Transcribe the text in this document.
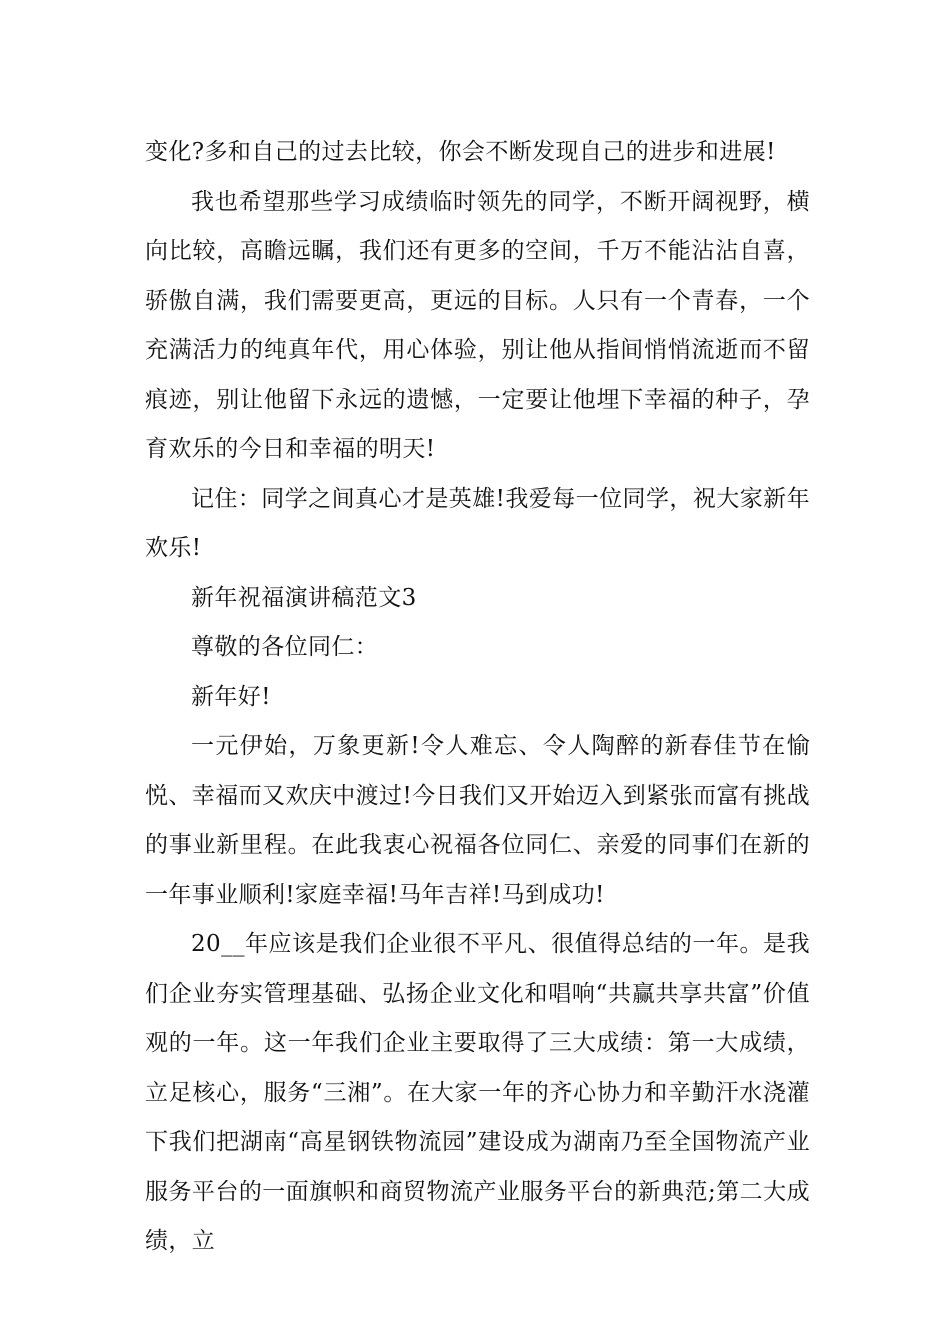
变化?多和自己的过去比较，你会不断发现自己的进步和进展!

我也希望那些学习成绩临时领先的同学，不断开阔视野，横向比较，高瞻远瞩，我们还有更多的空间，千万不能沾沾自喜，骄傲自满，我们需要更高，更远的目标。人只有一个青春，一个充满活力的纯真年代，用心体验，别让他从指间悄悄流逝而不留痕迹，别让他留下永远的遗憾，一定要让他埋下幸福的种子，孕育欢乐的今日和幸福的明天!

记住：同学之间真心才是英雄!我爱每一位同学，祝大家新年欢乐!

新年祝福演讲稿范文3

尊敬的各位同仁：

新年好!

一元伊始，万象更新!令人难忘、令人陶醉的新春佳节在愉悦、幸福而又欢庆中渡过!今日我们又开始迈入到紧张而富有挑战的事业新里程。在此我衷心祝福各位同仁、亲爱的同事们在新的一年事业顺利!家庭幸福!马年吉祥!马到成功!

20__年应该是我们企业很不平凡、很值得总结的一年。是我们企业夯实管理基础、弘扬企业文化和唱响“共赢共享共富”价值观的一年。这一年我们企业主要取得了三大成绩：第一大成绩，立足核心，服务“三湘”。在大家一年的齐心协力和辛勤汗水浇灌下我们把湖南“高星钢铁物流园”建设成为湖南乃至全国物流产业服务平台的一面旗帜和商贸物流产业服务平台的新典范;第二大成绩，立
